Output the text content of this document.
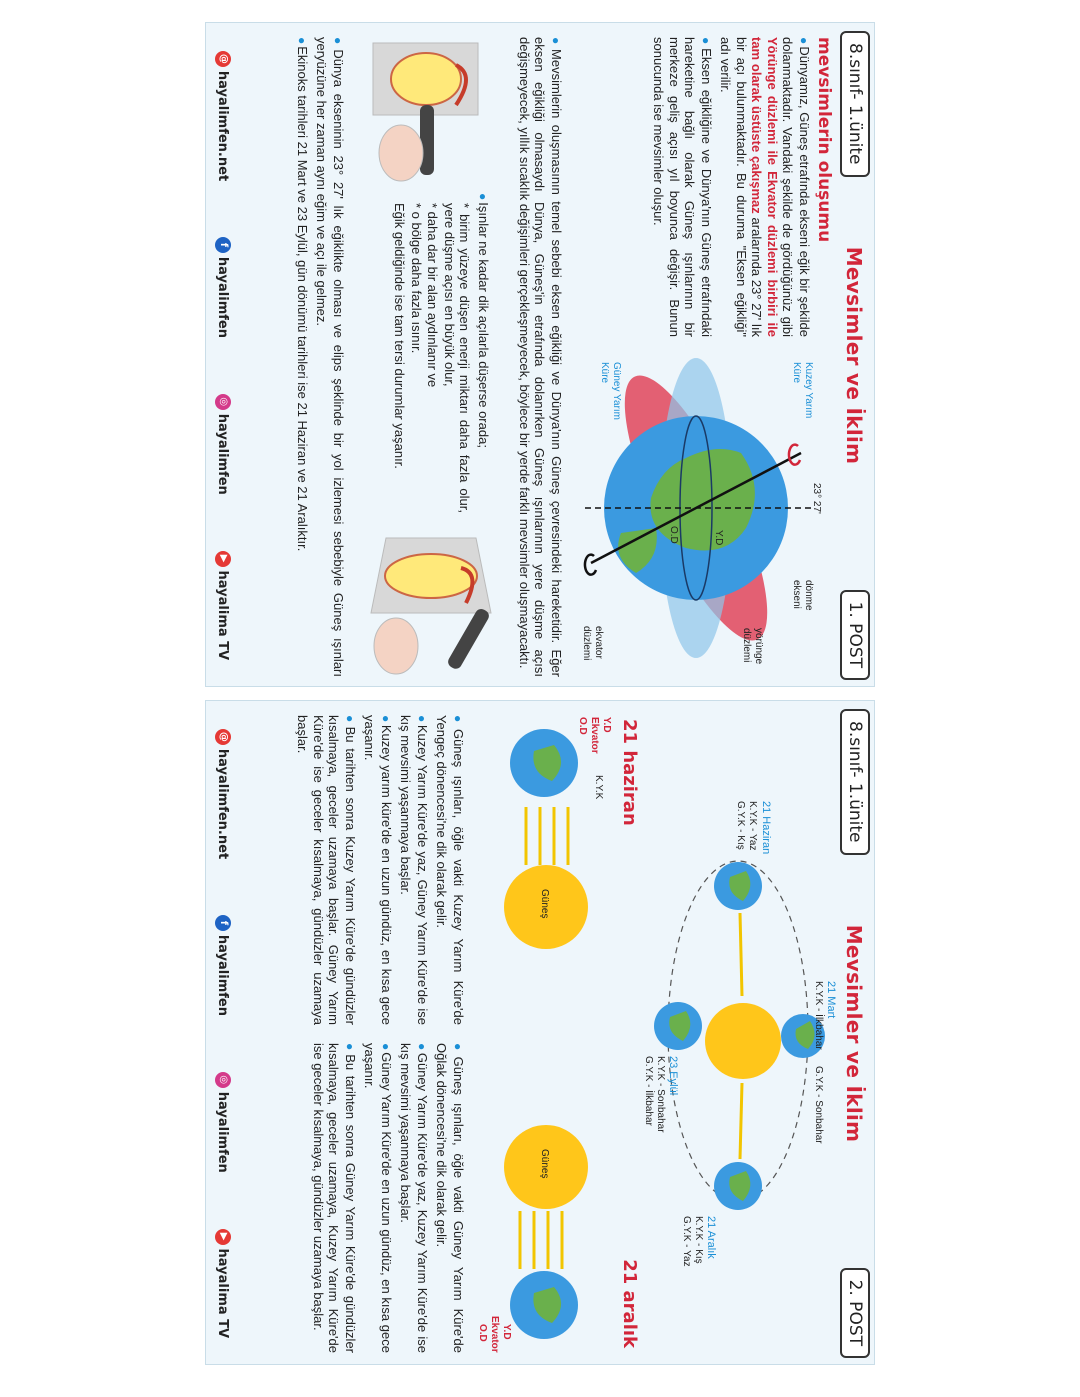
8.sınıf- 1.ünite
Mevsimler ve İklim
1. POST
mevsimlerin oluşumu

●Dünyamız, Güneş etrafında ekseni eğik bir şekilde dolanmaktadır. Vandaki şekilde de gördüğünüz gibi Yörünge düzlemi ile Ekvator düzlemi birbiri ile tam olarak üstüste çakışmaz aralarında 23° 27' lık bir açı bulunmaktadır. Bu duruma "Eksen eğikliği" adı verilir.

●Eksen eğikliğine ve Dünya'nın Güneş etrafındaki hareketine bağlı olarak Güneş ışınlarının bir merkeze geliş açısı yıl boyunca değişir. Bunun sonucunda ise mevsimler oluşur.

23° 27'
Y.D
O.D
Kuzey Yarım
Küre
Güney Yarım
Küre
dönme
ekseni
yörünge
düzlemi
ekvator
düzlemi

●Mevsimlerin oluşmasının temel sebebi eksen eğikliği ve Dünya'nın Güneş çevresindeki hareketidir. Eğer eksen eğikliği olmasaydı Dünya, Güneş'in etrafında dolanırken Güneş ışınlarının yere düşme açısı değişmeyecek, yıllık sıcaklık değişimleri gerçekleşmeyecek, böylece bir yerde farklı mevsimler oluşmayacaktı.

●Işınlar ne kadar dik açılarla düşerse orada;

* birim yüzeye düşen enerji miktarı daha fazla olur, yere düşme açısı en büyük olur,

* daha dar bir alan aydınlanır ve

* o bölge daha fazla ısınır.

Eğik geldiğinde ise tam tersi durumlar yaşanır.

●Dünya ekseninin 23° 27' lık eğiklikte olması ve elips şeklinde bir yol izlemesi sebebiyle Güneş ışınları yeryüzüne her zaman aynı eğim ve açı ile gelmez.

●Ekinoks tarihleri 21 Mart ve 23 Eylül, gün dönümü tarihleri ise 21 Haziran ve 21 Aralıktır.

@
hayalimfen.net
f
hayalimfen
◎
hayalimfen
▶
hayalima TV
8.sınıf- 1.ünite
Mevsimler ve İklim
2. POST
21 Mart
K.Y.K - İlkbahar
G.Y.K - Sonbahar
21 Haziran
K.Y.K - Yaz
G.Y.K - Kış
23 Eylül
K.Y.K - Sonbahar
G.Y.K - İlkbahar
21 Aralık
K.Y.K - Kış
G.Y.K - Yaz
21 haziran
21 aralık
Güneş
K.Y.K
Y.D
Ekvator
O.D
Güneş
Y.D
Ekvator
O.D

●Güneş ışınları, öğle vakti Kuzey Yarım Küre'de Yengeç dönencesi'ne dik olarak gelir.

●Kuzey Yarım Küre'de yaz, Güney Yarım Küre'de ise kış mevsimi yaşanmaya başlar.

●Kuzey yarım küre'de en uzun gündüz, en kısa gece yaşanır.

●Bu tarihten sonra Kuzey Yarım Küre'de gündüzler kısalmaya, geceler uzamaya başlar. Güney Yarım Küre'de ise geceler kısalmaya, gündüzler uzamaya başlar.

●Güneş ışınları, öğle vakti Güney Yarım Küre'de Oğlak dönencesi'ne dik olarak gelir.

●Güney Yarım Küre'de yaz, Kuzey Yarım Küre'de ise kış mevsimi yaşanmaya başlar.

●Güney Yarım Küre'de en uzun gündüz, en kısa gece yaşanır.

●Bu tarihten sonra Güney Yarım Küre'de gündüzler kısalmaya, geceler uzamaya, Kuzey Yarım Küre'de ise geceler kısalmaya, gündüzler uzamaya başlar.

@
hayalimfen.net
f
hayalimfen
◎
hayalimfen
▶
hayalima TV
